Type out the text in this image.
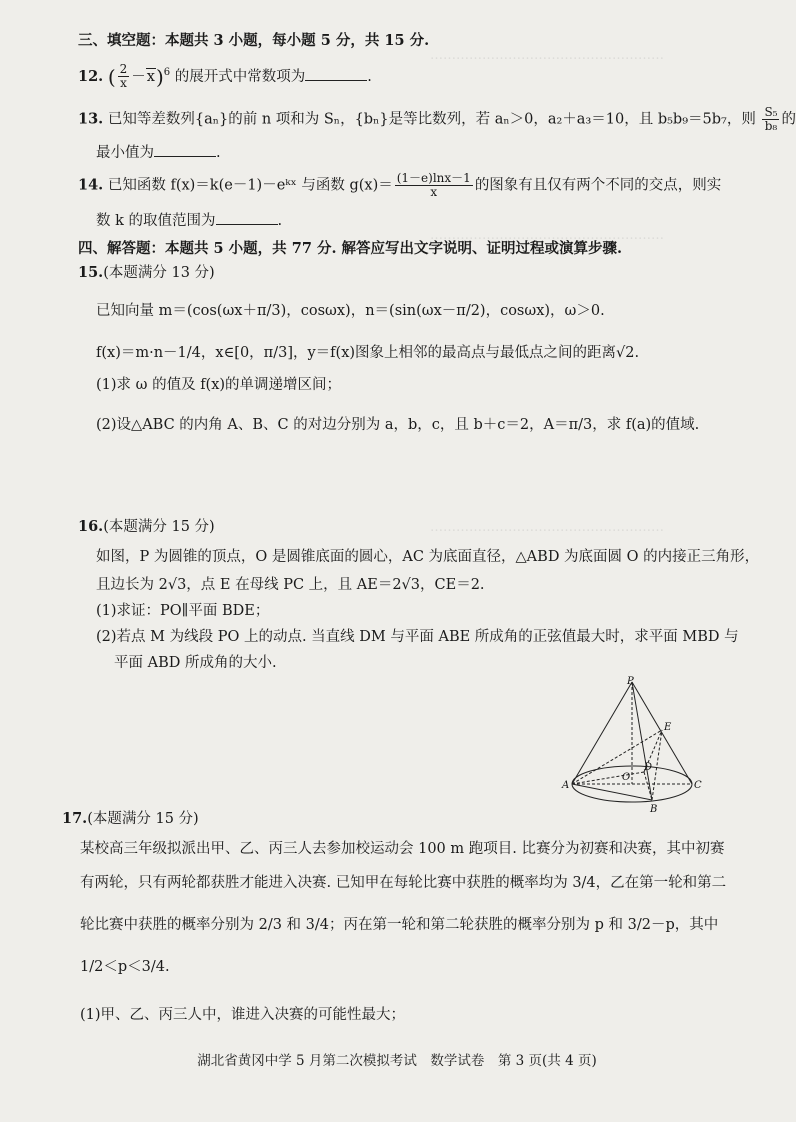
………………………………………………
………………………………………………
………………………………………………
三、填空题：本题共 3 小题，每小题 5 分，共 15 分.
12. ( $\frac{2}{x} -x)^6$ 的展开式中常数项为	.
13. 已知等差数列{aₙ}的前 n 项和为 Sₙ，{bₙ}是等比数列，若 aₙ＞0，a₂＋a₃＝10，且 b₅b₉＝5b₇，则 $\frac{\text{S₅}}{\text{b₈}}$ 的
最小值为	.
14. 已知函数 f(x)＝k(e－1)－eᵏˣ 与函数 $g(x)= \frac{(1-e)\ln x-1}{x}$ 的图象有且仅有两个不同的交点，则实
数 k 的取值范围为	.
四、解答题：本题共 5 小题，共 77 分. 解答应写出文字说明、证明过程或演算步骤.
15.(本题满分 13 分)
已知向量 m＝(cos(ωx＋π/3)，cosωx)，n＝(sin(ωx－π/2)，cosωx)，ω＞0.
f(x)＝m·n－1/4，x∈[0，π/3]，y＝f(x)图象上相邻的最高点与最低点之间的距离√2.
(1)求 ω 的值及 f(x)的单调递增区间；
(2)设△ABC 的内角 A、B、C 的对边分别为 a，b，c，且 b＋c＝2，A＝π/3，求 f(a)的值域.
16.(本题满分 15 分)
如图，P 为圆锥的顶点，O 是圆锥底面的圆心，AC 为底面直径，△ABD 为底面圆 O 的内接正三角形，
且边长为 2√3，点 E 在母线 PC 上，且 AE＝2√3，CE＝2.
(1)求证：PO∥平面 BDE；
(2)若点 M 为线段 PO 上的动点. 当直线 DM 与平面 ABE 所成角的正弦值最大时，求平面 MBD 与
平面 ABD 所成角的大小.
P
E
O
D
A
B
C
17.(本题满分 15 分)
某校高三年级拟派出甲、乙、丙三人去参加校运动会 100 m 跑项目. 比赛分为初赛和决赛，其中初赛
有两轮，只有两轮都获胜才能进入决赛. 已知甲在每轮比赛中获胜的概率均为 3/4，乙在第一轮和第二
轮比赛中获胜的概率分别为 2/3 和 3/4；丙在第一轮和第二轮获胜的概率分别为 p 和 3/2－p，其中
1/2＜p＜3/4.
(1)甲、乙、丙三人中，谁进入决赛的可能性最大；
湖北省黄冈中学 5 月第二次模拟考试　数学试卷　第 3 页(共 4 页)
